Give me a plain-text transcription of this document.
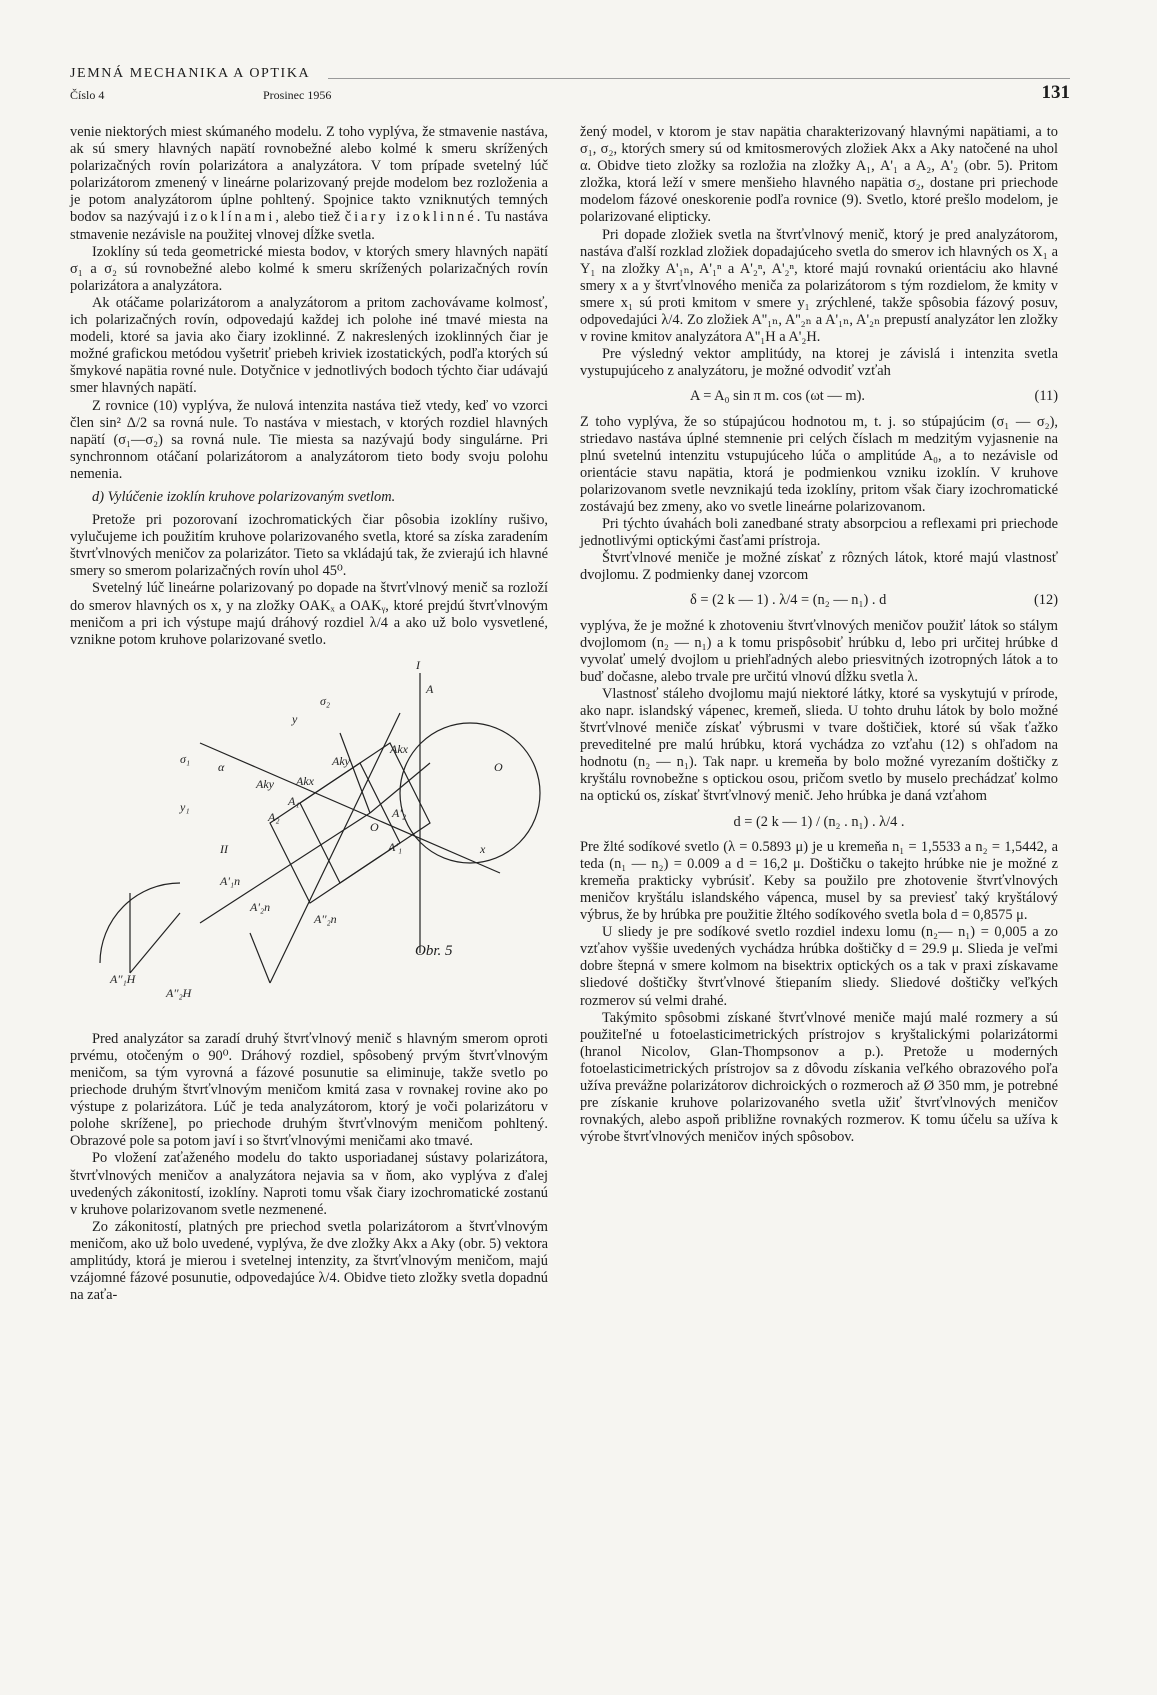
JEMNÁ MECHANIKA A OPTIKA
Číslo 4	Prosinec 1956	131

venie niektorých miest skúmaného modelu. Z toho vyplýva, že stmavenie nastáva, ak sú smery hlavných napätí rovnobežné alebo kolmé k smeru skrížených polarizačných rovín polarizátora a analyzátora. V tom prípade svetelný lúč polarizátorom zmenený v lineárne polarizovaný prejde modelom bez rozloženia a je potom analyzátorom úplne pohltený. Spojnice takto vzniknutých temných bodov sa nazývajú izoklínami, alebo tiež čiary izoklinné. Tu nastáva stmavenie nezávisle na použitej vlnovej dĺžke svetla.

Izoklíny sú teda geometrické miesta bodov, v ktorých smery hlavných napätí σ₁ a σ₂ sú rovnobežné alebo kolmé k smeru skrížených polarizačných rovín polarizátora a analyzátora.

Ak otáčame polarizátorom a analyzátorom a pritom zachovávame kolmosť, ich polarizačných rovín, odpovedajú každej ich polohe iné tmavé miesta na modeli, ktoré sa javia ako čiary izoklinné. Z nakreslených izoklinných čiar je možné grafickou metódou vyšetriť priebeh kriviek izostatických, podľa ktorých sú šmykové napätia rovné nule. Dotyčnice v jednotlivých bodoch týchto čiar udávajú smer hlavných napätí.

Z rovnice (10) vyplýva, že nulová intenzita nastáva tiež vtedy, keď vo vzorci člen sin² Δ/2 sa rovná nule. To nastáva v miestach, v ktorých rozdiel hlavných napätí (σ₁—σ₂) sa rovná nule. Tie miesta sa nazývajú body singulárne. Pri synchronnom otáčaní polarizátorom a analyzátorom tieto body svoju polohu nemenia.

d) Vylúčenie izoklín kruhove polarizovaným svetlom.

Pretože pri pozorovaní izochromatických čiar pôsobia izoklíny rušivo, vylučujeme ich použitím kruhove polarizovaného svetla, ktoré sa získa zaradením štvrťvlnových meničov za polarizátor. Tieto sa vkládajú tak, že zvierajú ich hlavné smery so smerom polarizačných rovín uhol 45⁰.

Svetelný lúč lineárne polarizovaný po dopade na štvrťvlnový menič sa rozloží do smerov hlavných os x, y na zložky OAKₓ a OAKᵧ, ktoré prejdú štvrťvlnovým meničom a pri ich výstupe majú dráhový rozdiel λ/4 a ako už bolo vysvetlené, vznikne potom kruhove polarizované svetlo.

A
I
II
O
O
y
x
σ₁
σ₂
α
y₁
Aky
Akx
Aky Akx
A₁
A'₁
A₂	A'₂
A''₁H
A''₂H
A'₁n
A'₂n
A''₂n
Obr. 5

Pred analyzátor sa zaradí druhý štvrťvlnový menič s hlavným smerom oproti prvému, otočeným o 90⁰. Dráhový rozdiel, spôsobený prvým štvrťvlnovým meničom, sa tým vyrovná a fázové posunutie sa eliminuje, takže svetlo po priechode druhým štvrťvlnovým meničom kmitá zasa v rovnakej rovine ako po výstupe z polarizátora. Lúč je teda analyzátorom, ktorý je voči polarizátoru v polohe skrížene], po priechode druhým štvrťvlnovým meničom pohltený. Obrazové pole sa potom javí i so štvrťvlnovými meničami ako tmavé.

Po vložení zaťaženého modelu do takto usporiadanej sústavy polarizátora, štvrťvlnových meničov a analyzátora nejavia sa v ňom, ako vyplýva z ďalej uvedených zákonitostí, izoklíny. Naproti tomu však čiary izochromatické zostanú v kruhove polarizovanom svetle nezmenené.

Zo zákonitostí, platných pre priechod svetla polarizátorom a štvrťvlnovým meničom, ako už bolo uvedené, vyplýva, že dve zložky Akx a Aky (obr. 5) vektora amplitúdy, ktorá je mierou i svetelnej intenzity, za štvrťvlnovým meničom, majú vzájomné fázové posunutie, odpovedajúce λ/4. Obidve tieto zložky svetla dopadnú na zaťa-

žený model, v ktorom je stav napätia charakterizovaný hlavnými napätiami, a to σ₁, σ₂, ktorých smery sú od kmitosmerových zložiek Akx a Aky natočené na uhol α. Obidve tieto zložky sa rozložia na zložky A₁, A'₁ a A₂, A'₂ (obr. 5). Pritom zložka, ktorá leží v smere menšieho hlavného napätia σ₂, dostane pri priechode modelom fázové oneskorenie podľa rovnice (9). Svetlo, ktoré prešlo modelom, je polarizované elipticky.

Pri dopade zložiek svetla na štvrťvlnový menič, ktorý je pred analyzátorom, nastáva ďalší rozklad zložiek dopadajúceho svetla do smerov ich hlavných os X₁ a Y₁ na zložky A'₁ₙ, A'₁ⁿ a A'₂ⁿ, A'₂ⁿ, ktoré majú rovnakú orientáciu ako hlavné smery x a y štvrťvlnového meniča za polarizátorom s tým rozdielom, že kmity v smere x₁ sú proti kmitom v smere y₁ zrýchlené, takže spôsobia fázový posuv, odpovedajúci λ/4. Zo zložiek A''₁ₙ, A''₂ₙ a A'₁ₙ, A'₂ₙ prepustí analyzátor len zložky v rovine kmitov analyzátora A''₁H a A'₂H.

Pre výsledný vektor amplitúdy, na ktorej je závislá i intenzita svetla vystupujúceho z analyzátoru, je možné odvodiť vzťah

A = A₀ sin π m. cos (ωt — m).	(11)

Z toho vyplýva, že so stúpajúcou hodnotou m, t. j. so stúpajúcim (σ₁ — σ₂), striedavo nastáva úplné stemnenie pri celých číslach m medzitým vyjasnenie na plnú svetelnú intenzitu vstupujúceho lúča o amplitúde A₀, a to nezávisle od orientácie stavu napätia, ktorá je podmienkou vzniku izoklín. V kruhove polarizovanom svetle nevznikajú teda izoklíny, pritom však čiary izochromatické zostávajú bez zmeny, ako vo svetle lineárne polarizovanom.

Pri týchto úvahách boli zanedbané straty absorpciou a reflexami pri priechode jednotlivými optickými časťami prístroja.

Štvrťvlnové meniče je možné získať z rôzných látok, ktoré majú vlastnosť dvojlomu. Z podmienky danej vzorcom

δ = (2 k — 1) . λ/4 = (n₂ — n₁) . d	(12)

vyplýva, že je možné k zhotoveniu štvrťvlnových meničov použiť látok so stálym dvojlomom (n₂ — n₁) a k tomu prispôsobiť hrúbku d, lebo pri určitej hrúbke d vyvolať umelý dvojlom u priehľadných alebo priesvitných izotropných látok a to buď dočasne, alebo trvale pre určitú vlnovú dĺžku svetla λ.

Vlastnosť stáleho dvojlomu majú niektoré látky, ktoré sa vyskytujú v prírode, ako napr. islandský vápenec, kremeň, slieda. U tohto druhu látok by bolo možné štvrťvlnové meniče získať výbrusmi v tvare doštičiek, ktoré sú však ťažko preveditelné pre malú hrúbku, ktorá vychádza zo vzťahu (12) s ohľadom na hodnotu (n₂ — n₁). Tak napr. u kremeňa by bolo možné vyrezaním doštičky z kryštálu rovnobežne s optickou osou, pričom svetlo by muselo prechádzať kolmo na optickú os, získať štvrťvlnový menič. Jeho hrúbka je daná vzťahom

d = (2 k — 1) / (n₂ . n₁) . λ/4 .

Pre žlté sodíkové svetlo (λ = 0.5893 μ) je u kremeňa n₁ = 1,5533 a n₂ = 1,5442, a teda (n₁ — n₂) = 0.009 a d = 16,2 μ. Doštičku o takejto hrúbke nie je možné z kremeňa prakticky vybrúsiť. Keby sa použilo pre zhotovenie štvrťvlnových meničov kryštálu islandského vápenca, musel by sa previesť taký kryštálový výbrus, že by hrúbka pre použitie žltého sodíkového svetla bola d = 0,8575 μ.

U sliedy je pre sodíkové svetlo rozdiel indexu lomu (n₂— n₁) = 0,005 a zo vzťahov vyššie uvedených vychádza hrúbka doštičky d = 29.9 μ. Slieda je veľmi dobre štepná v smere kolmom na bisektrix optických os a tak v praxi získavame sliedové doštičky štvrťvlnové štiepaním sliedy. Sliedové doštičky veľkých rozmerov sú velmi drahé.

Takýmito spôsobmi získané štvrťvlnové meniče majú malé rozmery a sú použiteľné u fotoelasticimetrických prístrojov s kryštalickými polarizátormi (hranol Nicolov, Glan-Thompsonov a p.). Pretože u moderných fotoelasticimetrických prístrojov sa z dôvodu získania veľkého obrazového poľa užíva prevážne polarizátorov dichroických o rozmeroch až Ø 350 mm, je potrebné pre získanie kruhove polarizovaného svetla užiť štvrťvlnových meničov rovnakých, alebo aspoň približne rovnakých rozmerov. K tomu účelu sa užíva k výrobe štvrťvlnových meničov iných spôsobov.
